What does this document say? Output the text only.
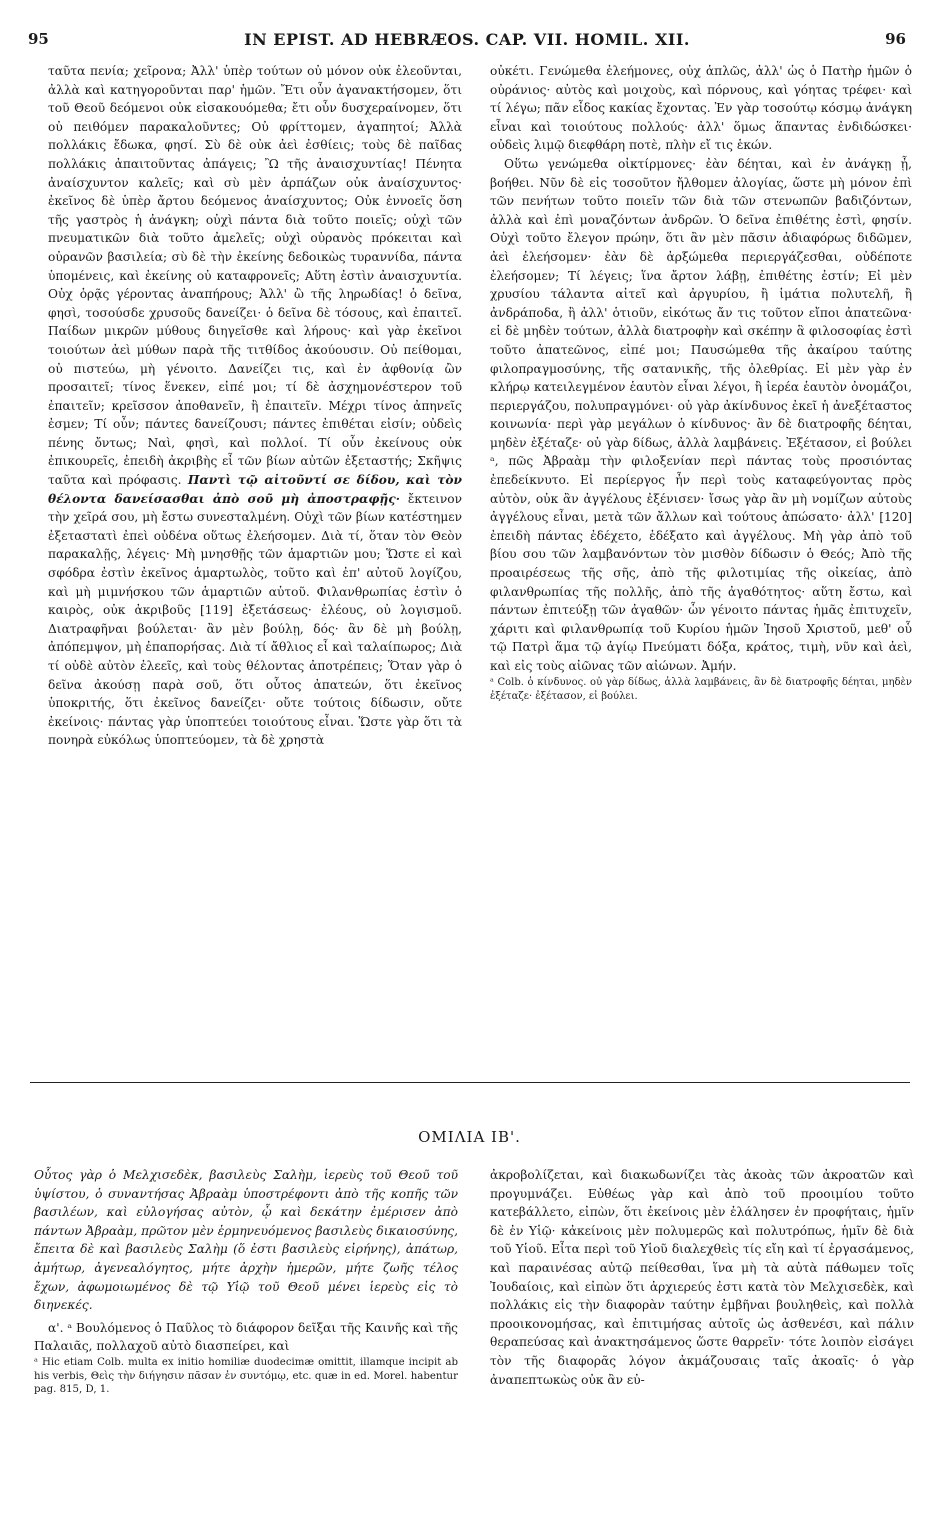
95	IN EPIST. AD HEBRÆOS. CAP. VII. HOMIL. XII.	96

ταῦτα πενία; χεῖρονα; Ἀλλ' ὑπὲρ τούτων οὐ μόνον οὐκ ἐλεοῦνται, ἀλλὰ καὶ κατηγοροῦνται παρ' ἡμῶν. Ἔτι οὖν ἀγανακτήσομεν, ὅτι τοῦ Θεοῦ δεόμενοι οὐκ εἰσακουόμεθα; ἔτι οὖν δυσχεραίνομεν, ὅτι οὐ πειθόμεν παρακαλοῦντες; Οὐ φρίττομεν, ἀγαπητοί; Ἀλλὰ πολλάκις ἔδωκα, φησί. Σὺ δὲ οὐκ ἀεὶ ἐσθίεις; τοὺς δὲ παῖδας πολλάκις ἀπαιτοῦντας ἀπάγεις; Ὢ τῆς ἀναισχυντίας! Πένητα ἀναίσχυντον καλεῖς; καὶ σὺ μὲν ἁρπάζων οὐκ ἀναίσχυντος· ἐκεῖνος δὲ ὑπὲρ ἄρτου δεόμενος ἀναίσχυντος; Οὐκ ἐννοεῖς ὅση τῆς γαστρὸς ἡ ἀνάγκη; οὐχὶ πάντα διὰ τοῦτο ποιεῖς; οὐχὶ τῶν πνευματικῶν διὰ τοῦτο ἀμελεῖς; οὐχὶ οὐρανὸς πρόκειται καὶ οὐρανῶν βασιλεία; σὺ δὲ τὴν ἐκείνης δεδοικὼς τυραννίδα, πάντα ὑπομένεις, καὶ ἐκείνης οὐ καταφρονεῖς; Αὕτη ἐστὶν ἀναισχυντία. Οὐχ ὁρᾷς γέροντας ἀναπήρους; Ἀλλ' ὢ τῆς ληρωδίας! ὁ δεῖνα, φησὶ, τοσούσδε χρυσοῦς δανείζει· ὁ δεῖνα δὲ τόσους, καὶ ἐπαιτεῖ. Παίδων μικρῶν μύθους διηγεῖσθε καὶ λήρους· καὶ γὰρ ἐκεῖνοι τοιούτων ἀεὶ μύθων παρὰ τῆς τιτθίδος ἀκούουσιν. Οὐ πείθομαι, οὐ πιστεύω, μὴ γένοιτο. Δανείζει τις, καὶ ἐν ἀφθονίᾳ ὢν προσαιτεῖ; τίνος ἕνεκεν, εἰπέ μοι; τί δὲ ἀσχημονέστερον τοῦ ἐπαιτεῖν; κρεῖσσον ἀποθανεῖν, ἢ ἐπαιτεῖν. Μέχρι τίνος ἀπηνεῖς ἐσμεν; Τί οὖν; πάντες δανείζουσι; πάντες ἐπιθέται εἰσίν; οὐδεὶς πένης ὄντως; Ναὶ, φησὶ, καὶ πολλοί. Τί οὖν ἐκείνους οὐκ ἐπικουρεῖς, ἐπειδὴ ἀκριβὴς εἶ τῶν βίων αὐτῶν ἐξεταστής; Σκῆψις ταῦτα καὶ πρόφασις. Παντὶ τῷ αἰτοῦντί σε δίδου, καὶ τὸν θέλοντα δανείσασθαι ἀπὸ σοῦ μὴ ἀποστραφῇς· ἔκτεινον τὴν χεῖρά σου, μὴ ἔστω συνεσταλμένη. Οὐχὶ τῶν βίων κατέστημεν ἐξεταστατὶ ἐπεὶ οὐδένα οὕτως ἐλεήσομεν. Διὰ τί, ὅταν τὸν Θεὸν παρακαλῇς, λέγεις· Μὴ μνησθῇς τῶν ἁμαρτιῶν μου; Ὥστε εἰ καὶ σφόδρα ἐστὶν ἐκεῖνος ἁμαρτωλὸς, τοῦτο καὶ ἐπ' αὐτοῦ λογίζου, καὶ μὴ μιμνήσκου τῶν ἁμαρτιῶν αὐτοῦ. Φιλανθρωπίας ἐστὶν ὁ καιρὸς, οὐκ ἀκριβοῦς [119] ἐξετάσεως· ἐλέους, οὐ λογισμοῦ. Διατραφῆναι βούλεται· ἂν μὲν βούλῃ, δός· ἂν δὲ μὴ βούλῃ, ἀπόπεμψον, μὴ ἐπαπορήσας. Διὰ τί ἄθλιος εἶ καὶ ταλαίπωρος; Διὰ τί οὐδὲ αὐτὸν ἐλεεῖς, καὶ τοὺς θέλοντας ἀποτρέπεις; Ὅταν γὰρ ὁ δεῖνα ἀκούσῃ παρὰ σοῦ, ὅτι οὗτος ἀπατεών, ὅτι ἐκεῖνος ὑποκριτής, ὅτι ἐκεῖνος δανείζει· οὔτε τούτοις δίδωσιν, οὔτε ἐκείνοις· πάντας γὰρ ὑποπτεύει τοιούτους εἶναι. Ὥστε γὰρ ὅτι τὰ πονηρὰ εὐκόλως ὑποπτεύομεν, τὰ δὲ χρηστὰ

οὐκέτι. Γενώμεθα ἐλεήμονες, οὐχ ἁπλῶς, ἀλλ' ὡς ὁ Πατὴρ ἡμῶν ὁ οὐράνιος· αὐτὸς καὶ μοιχοὺς, καὶ πόρνους, καὶ γόητας τρέφει· καὶ τί λέγω; πᾶν εἶδος κακίας ἔχοντας. Ἐν γὰρ τοσούτῳ κόσμῳ ἀνάγκη εἶναι καὶ τοιούτους πολλούς· ἀλλ' ὅμως ἅπαντας ἐνδιδώσκει· οὐδεὶς λιμῷ διεφθάρη ποτὲ, πλὴν εἴ τις ἑκών.

Οὕτω γενώμεθα οἰκτίρμονες· ἐὰν δέηται, καὶ ἐν ἀνάγκῃ ᾖ, βοήθει. Νῦν δὲ εἰς τοσοῦτον ἤλθομεν ἀλογίας, ὥστε μὴ μόνον ἐπὶ τῶν πενήτων τοῦτο ποιεῖν τῶν διὰ τῶν στενωπῶν βαδιζόντων, ἀλλὰ καὶ ἐπὶ μοναζόντων ἀνδρῶν. Ὁ δεῖνα ἐπιθέτης ἐστὶ, φησίν. Οὐχὶ τοῦτο ἔλεγον πρώην, ὅτι ἂν μὲν πᾶσιν ἀδιαφόρως διδῶμεν, ἀεὶ ἐλεήσομεν· ἐὰν δὲ ἀρξώμεθα περιεργάζεσθαι, οὐδέποτε ἐλεήσομεν; Τί λέγεις; ἵνα ἄρτον λάβῃ, ἐπιθέτης ἐστίν; Εἰ μὲν χρυσίου τάλαντα αἰτεῖ καὶ ἀργυρίου, ἢ ἱμάτια πολυτελῆ, ἢ ἀνδράποδα, ἢ ἀλλ' ὁτιοῦν, εἰκότως ἄν τις τοῦτον εἴποι ἀπατεῶνα· εἰ δὲ μηδὲν τούτων, ἀλλὰ διατροφὴν καὶ σκέπην ἃ φιλοσοφίας ἐστὶ τοῦτο ἀπατεῶνος, εἰπέ μοι; Παυσώμεθα τῆς ἀκαίρου ταύτης φιλοπραγμοσύνης, τῆς σατανικῆς, τῆς ὀλεθρίας. Εἰ μὲν γὰρ ἐν κλήρῳ κατειλεγμένον ἑαυτὸν εἶναι λέγοι, ἢ ἱερέα ἑαυτὸν ὀνομάζοι, περιεργάζου, πολυπραγμόνει· οὐ γὰρ ἀκίνδυνος ἐκεῖ ἡ ἀνεξέταστος κοινωνία· περὶ γὰρ μεγάλων ὁ κίνδυνος· ἂν δὲ διατροφῆς δέηται, μηδὲν ἐξέταζε· οὐ γὰρ δίδως, ἀλλὰ λαμβάνεις. Ἐξέτασον, εἰ βούλει ᵃ, πῶς Ἀβραὰμ τὴν φιλοξενίαν περὶ πάντας τοὺς προσιόντας ἐπεδείκνυτο. Εἰ περίεργος ἦν περὶ τοὺς καταφεύγοντας πρὸς αὐτὸν, οὐκ ἂν ἀγγέλους ἐξένισεν· ἴσως γὰρ ἂν μὴ νομίζων αὐτοὺς ἀγγέλους εἶναι, μετὰ τῶν ἄλλων καὶ τούτους ἀπώσατο· ἀλλ' [120] ἐπειδὴ πάντας ἐδέχετο, ἐδέξατο καὶ ἀγγέλους. Μὴ γὰρ ἀπὸ τοῦ βίου σου τῶν λαμβανόντων τὸν μισθὸν δίδωσιν ὁ Θεός; Ἀπὸ τῆς προαιρέσεως τῆς σῆς, ἀπὸ τῆς φιλοτιμίας τῆς οἰκείας, ἀπὸ φιλανθρωπίας τῆς πολλῆς, ἀπὸ τῆς ἀγαθότητος· αὕτη ἔστω, καὶ πάντων ἐπιτεύξῃ τῶν ἀγαθῶν· ὧν γένοιτο πάντας ἡμᾶς ἐπιτυχεῖν, χάριτι καὶ φιλανθρωπίᾳ τοῦ Κυρίου ἡμῶν Ἰησοῦ Χριστοῦ, μεθ' οὗ τῷ Πατρὶ ἅμα τῷ ἁγίῳ Πνεύματι δόξα, κράτος, τιμὴ, νῦν καὶ ἀεὶ, καὶ εἰς τοὺς αἰῶνας τῶν αἰώνων. Ἀμήν.

ᵃ Colb. ὁ κίνδυνος. οὐ γὰρ δίδως, ἀλλὰ λαμβάνεις, ἂν δὲ διατροφῆς δέηται, μηδὲν ἐξέταζε· ἐξέτασον, εἰ βούλει.

ΟΜΙΛΙΑ ΙΒ'.

Οὗτος γὰρ ὁ Μελχισεδὲκ, βασιλεὺς Σαλὴμ, ἱερεὺς τοῦ Θεοῦ τοῦ ὑψίστου, ὁ συναντήσας Ἀβραὰμ ὑποστρέφοντι ἀπὸ τῆς κοπῆς τῶν βασιλέων, καὶ εὐλογήσας αὐτὸν, ᾧ καὶ δεκάτην ἐμέρισεν ἀπὸ πάντων Ἀβραὰμ, πρῶτον μὲν ἑρμηνευόμενος βασιλεὺς δικαιοσύνης, ἔπειτα δὲ καὶ βασιλεὺς Σαλὴμ (ὅ ἐστι βασιλεὺς εἰρήνης), ἀπάτωρ, ἀμήτωρ, ἀγενεαλόγητος, μήτε ἀρχὴν ἡμερῶν, μήτε ζωῆς τέλος ἔχων, ἀφωμοιωμένος δὲ τῷ Υἱῷ τοῦ Θεοῦ μένει ἱερεὺς εἰς τὸ διηνεκές.

α'. ᵃ Βουλόμενος ὁ Παῦλος τὸ διάφορον δεῖξαι τῆς Καινῆς καὶ τῆς Παλαιᾶς, πολλαχοῦ αὐτὸ διασπείρει, καὶ

ᵃ Hic etiam Colb. multa ex initio homiliæ duodecimæ omittit, illamque incipit ab his verbis, Θεὶς τὴν διήγησιν πᾶσαν ἐν συντόμῳ, etc. quæ in ed. Morel. habentur pag. 815, D, 1.

ἀκροβολίζεται, καὶ διακωδωνίζει τὰς ἀκοὰς τῶν ἀκροατῶν καὶ προγυμνάζει. Εὐθέως γὰρ καὶ ἀπὸ τοῦ προοιμίου τοῦτο κατεβάλλετο, εἰπὼν, ὅτι ἐκείνοις μὲν ἐλάλησεν ἐν προφήταις, ἡμῖν δὲ ἐν Υἱῷ· κἀκείνοις μὲν πολυμερῶς καὶ πολυτρόπως, ἡμῖν δὲ διὰ τοῦ Υἱοῦ. Εἶτα περὶ τοῦ Υἱοῦ διαλεχθεὶς τίς εἴη καὶ τί ἐργασάμενος, καὶ παραινέσας αὐτῷ πείθεσθαι, ἵνα μὴ τὰ αὐτὰ πάθωμεν τοῖς Ἰουδαίοις, καὶ εἰπὼν ὅτι ἀρχιερεύς ἐστι κατὰ τὸν Μελχισεδὲκ, καὶ πολλάκις εἰς τὴν διαφορὰν ταύτην ἐμβῆναι βουληθεὶς, καὶ πολλὰ προοικονομήσας, καὶ ἐπιτιμήσας αὐτοῖς ὡς ἀσθενέσι, καὶ πάλιν θεραπεύσας καὶ ἀνακτησάμενος ὥστε θαρρεῖν· τότε λοιπὸν εἰσάγει τὸν τῆς διαφορᾶς λόγον ἀκμάζουσαις ταῖς ἀκοαῖς· ὁ γὰρ ἀναπεπτωκὼς οὐκ ἂν εὐ-
